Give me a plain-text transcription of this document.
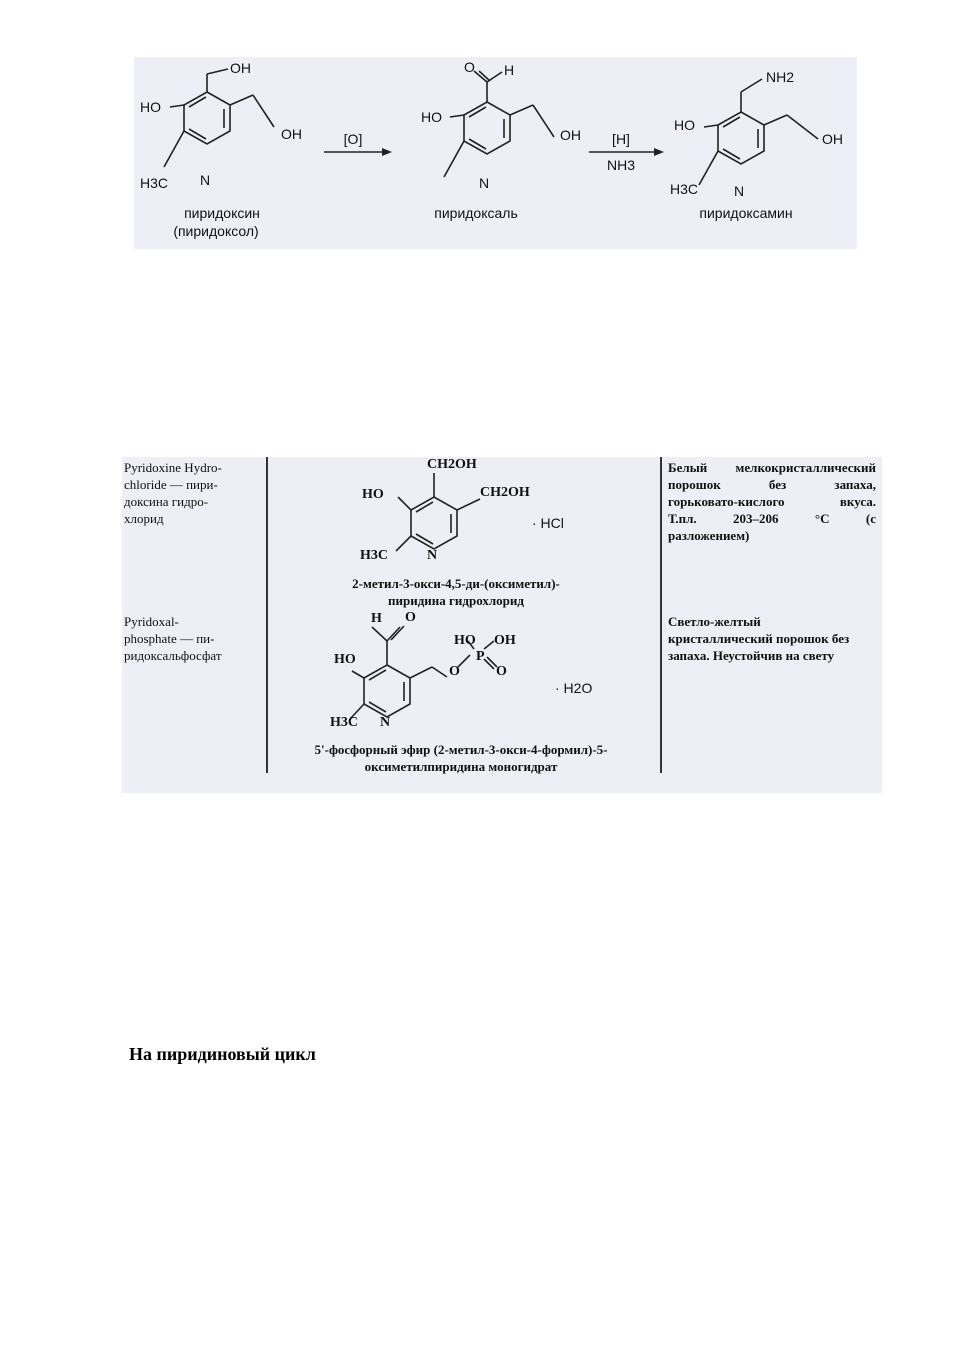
OH
OH
HO
N
H3C
пиридоксин
(пиридоксол)
[O]	[H]
NH3
O H
OH
HO
N
пиридоксаль
NH2
OH
HO
N
H3C
пиридоксамин
Pyridoxine Hydro-
chloride — пири-
доксина гидро-
хлорид
CH2OH
CH2OH
HO
N
H3C
· HCl
2-метил-3-окси-4,5-ди-(оксиметил)-
пиридина гидрохлорид
Белый мелкокристаллический
порошок без запаха,
горьковато-кислого вкуса.
Т.пл. 203–206 °С (с
разложением)
Pyridoxal-
phosphate — пи-
ридоксальфосфат
H O
HO OH
P
O	O
HO
N
H3C
· H2O
5'-фосфорный эфир (2-метил-3-окси-4-формил)-5-
оксиметилпиридина моногидрат
Светло-желтый
кристаллический порошок без
запаха. Неустойчив на свету
На пиридиновый цикл
